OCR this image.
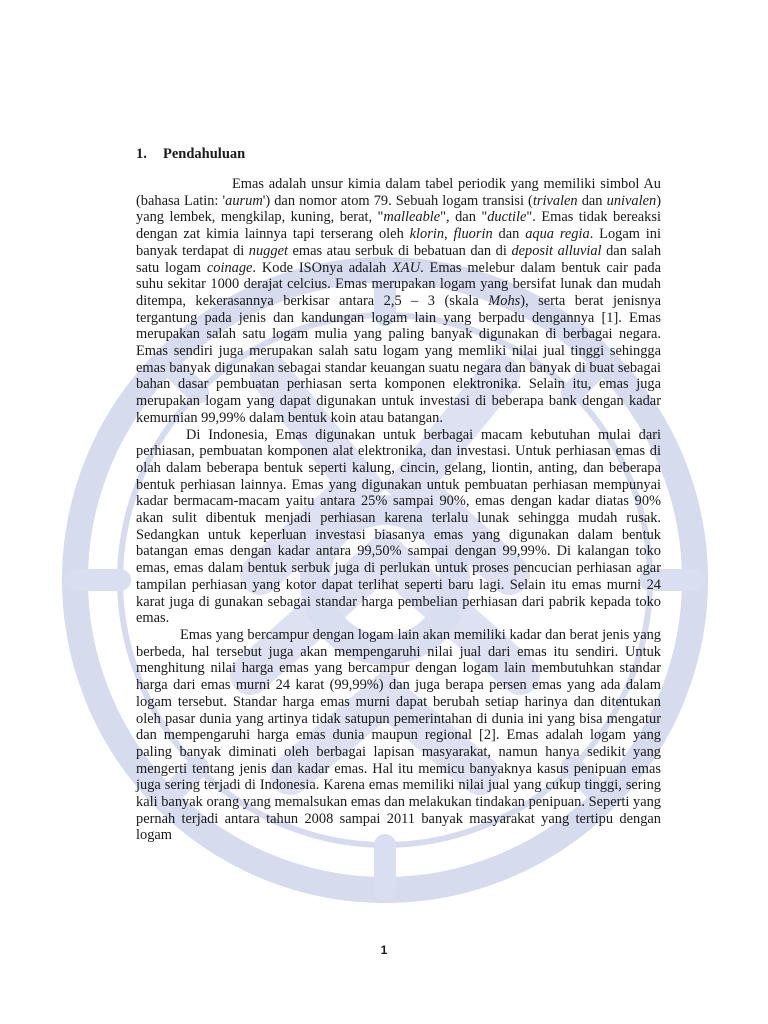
1. Pendahuluan

Emas adalah unsur kimia dalam tabel periodik yang memiliki simbol Au (bahasa Latin: 'aurum') dan nomor atom 79. Sebuah logam transisi (trivalen dan univalen) yang lembek, mengkilap, kuning, berat, "malleable", dan "ductile". Emas tidak bereaksi dengan zat kimia lainnya tapi terserang oleh klorin, fluorin dan aqua regia. Logam ini banyak terdapat di nugget emas atau serbuk di bebatuan dan di deposit alluvial dan salah satu logam coinage. Kode ISOnya adalah XAU. Emas melebur dalam bentuk cair pada suhu sekitar 1000 derajat celcius. Emas merupakan logam yang bersifat lunak dan mudah ditempa, kekerasannya berkisar antara 2,5 – 3 (skala Mohs), serta berat jenisnya tergantung pada jenis dan kandungan logam lain yang berpadu dengannya [1]. Emas merupakan salah satu logam mulia yang paling banyak digunakan di berbagai negara. Emas sendiri juga merupakan salah satu logam yang memliki nilai jual tinggi sehingga emas banyak digunakan sebagai standar keuangan suatu negara dan banyak di buat sebagai bahan dasar pembuatan perhiasan serta komponen elektronika. Selain itu, emas juga merupakan logam yang dapat digunakan untuk investasi di beberapa bank dengan kadar kemurnian 99,99% dalam bentuk koin atau batangan.

Di Indonesia, Emas digunakan untuk berbagai macam kebutuhan mulai dari perhiasan, pembuatan komponen alat elektronika, dan investasi. Untuk perhiasan emas di olah dalam beberapa bentuk seperti kalung, cincin, gelang, liontin, anting, dan beberapa bentuk perhiasan lainnya. Emas yang digunakan untuk pembuatan perhiasan mempunyai kadar bermacam-macam yaitu antara 25% sampai 90%, emas dengan kadar diatas 90% akan sulit dibentuk menjadi perhiasan karena terlalu lunak sehingga mudah rusak. Sedangkan untuk keperluan investasi biasanya emas yang digunakan dalam bentuk batangan emas dengan kadar antara 99,50% sampai dengan 99,99%. Di kalangan toko emas, emas dalam bentuk serbuk juga di perlukan untuk proses pencucian perhiasan agar tampilan perhiasan yang kotor dapat terlihat seperti baru lagi. Selain itu emas murni 24 karat juga di gunakan sebagai standar harga pembelian perhiasan dari pabrik kepada toko emas.

Emas yang bercampur dengan logam lain akan memiliki kadar dan berat jenis yang berbeda, hal tersebut juga akan mempengaruhi nilai jual dari emas itu sendiri. Untuk menghitung nilai harga emas yang bercampur dengan logam lain membutuhkan standar harga dari emas murni 24 karat (99,99%) dan juga berapa persen emas yang ada dalam logam tersebut. Standar harga emas murni dapat berubah setiap harinya dan ditentukan oleh pasar dunia yang artinya tidak satupun pemerintahan di dunia ini yang bisa mengatur dan mempengaruhi harga emas dunia maupun regional [2]. Emas adalah logam yang paling banyak diminati oleh berbagai lapisan masyarakat, namun hanya sedikit yang mengerti tentang jenis dan kadar emas. Hal itu memicu banyaknya kasus penipuan emas juga sering terjadi di Indonesia. Karena emas memiliki nilai jual yang cukup tinggi, sering kali banyak orang yang memalsukan emas dan melakukan tindakan penipuan. Seperti yang pernah terjadi antara tahun 2008 sampai 2011 banyak masyarakat yang tertipu dengan logam

1
